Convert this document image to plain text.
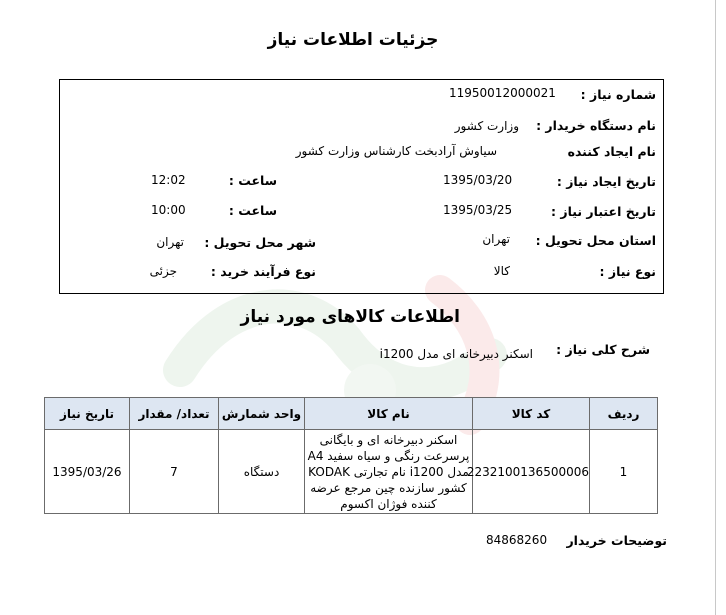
جزئیات اطلاعات نیاز
شماره نیاز :
11950012000021
نام دستگاه خریدار :
وزارت کشور
نام ایجاد کننده
سیاوش آرادبخت کارشناس وزارت کشور
تاریخ ایجاد نیاز :
1395/03/20
ساعت :
12:02
تاریخ اعتبار نیاز :
1395/03/25
ساعت :
10:00
استان محل تحویل :
تهران
شهر محل تحویل :
تهران
نوع نیاز :
کالا
نوع فرآیند خرید :
جزئی
اطلاعات کالاهای مورد نیاز
شرح کلی نیاز :
اسکنر دبیرخانه ای مدل i1200
ردیف	کد کالا	نام کالا	واحد شمارش	تعداد/ مقدار	تاریخ نیاز
1	2232100136500006	اسکنر دبیرخانه ای و بایگانی پرسرعت رنگی و سیاه سفید A4 مدل i1200 نام تجارتی KODAK کشور سازنده چین مرجع عرضه کننده فوژان اکسوم	دستگاه	7	1395/03/26
توضیحات خریدار
84868260
